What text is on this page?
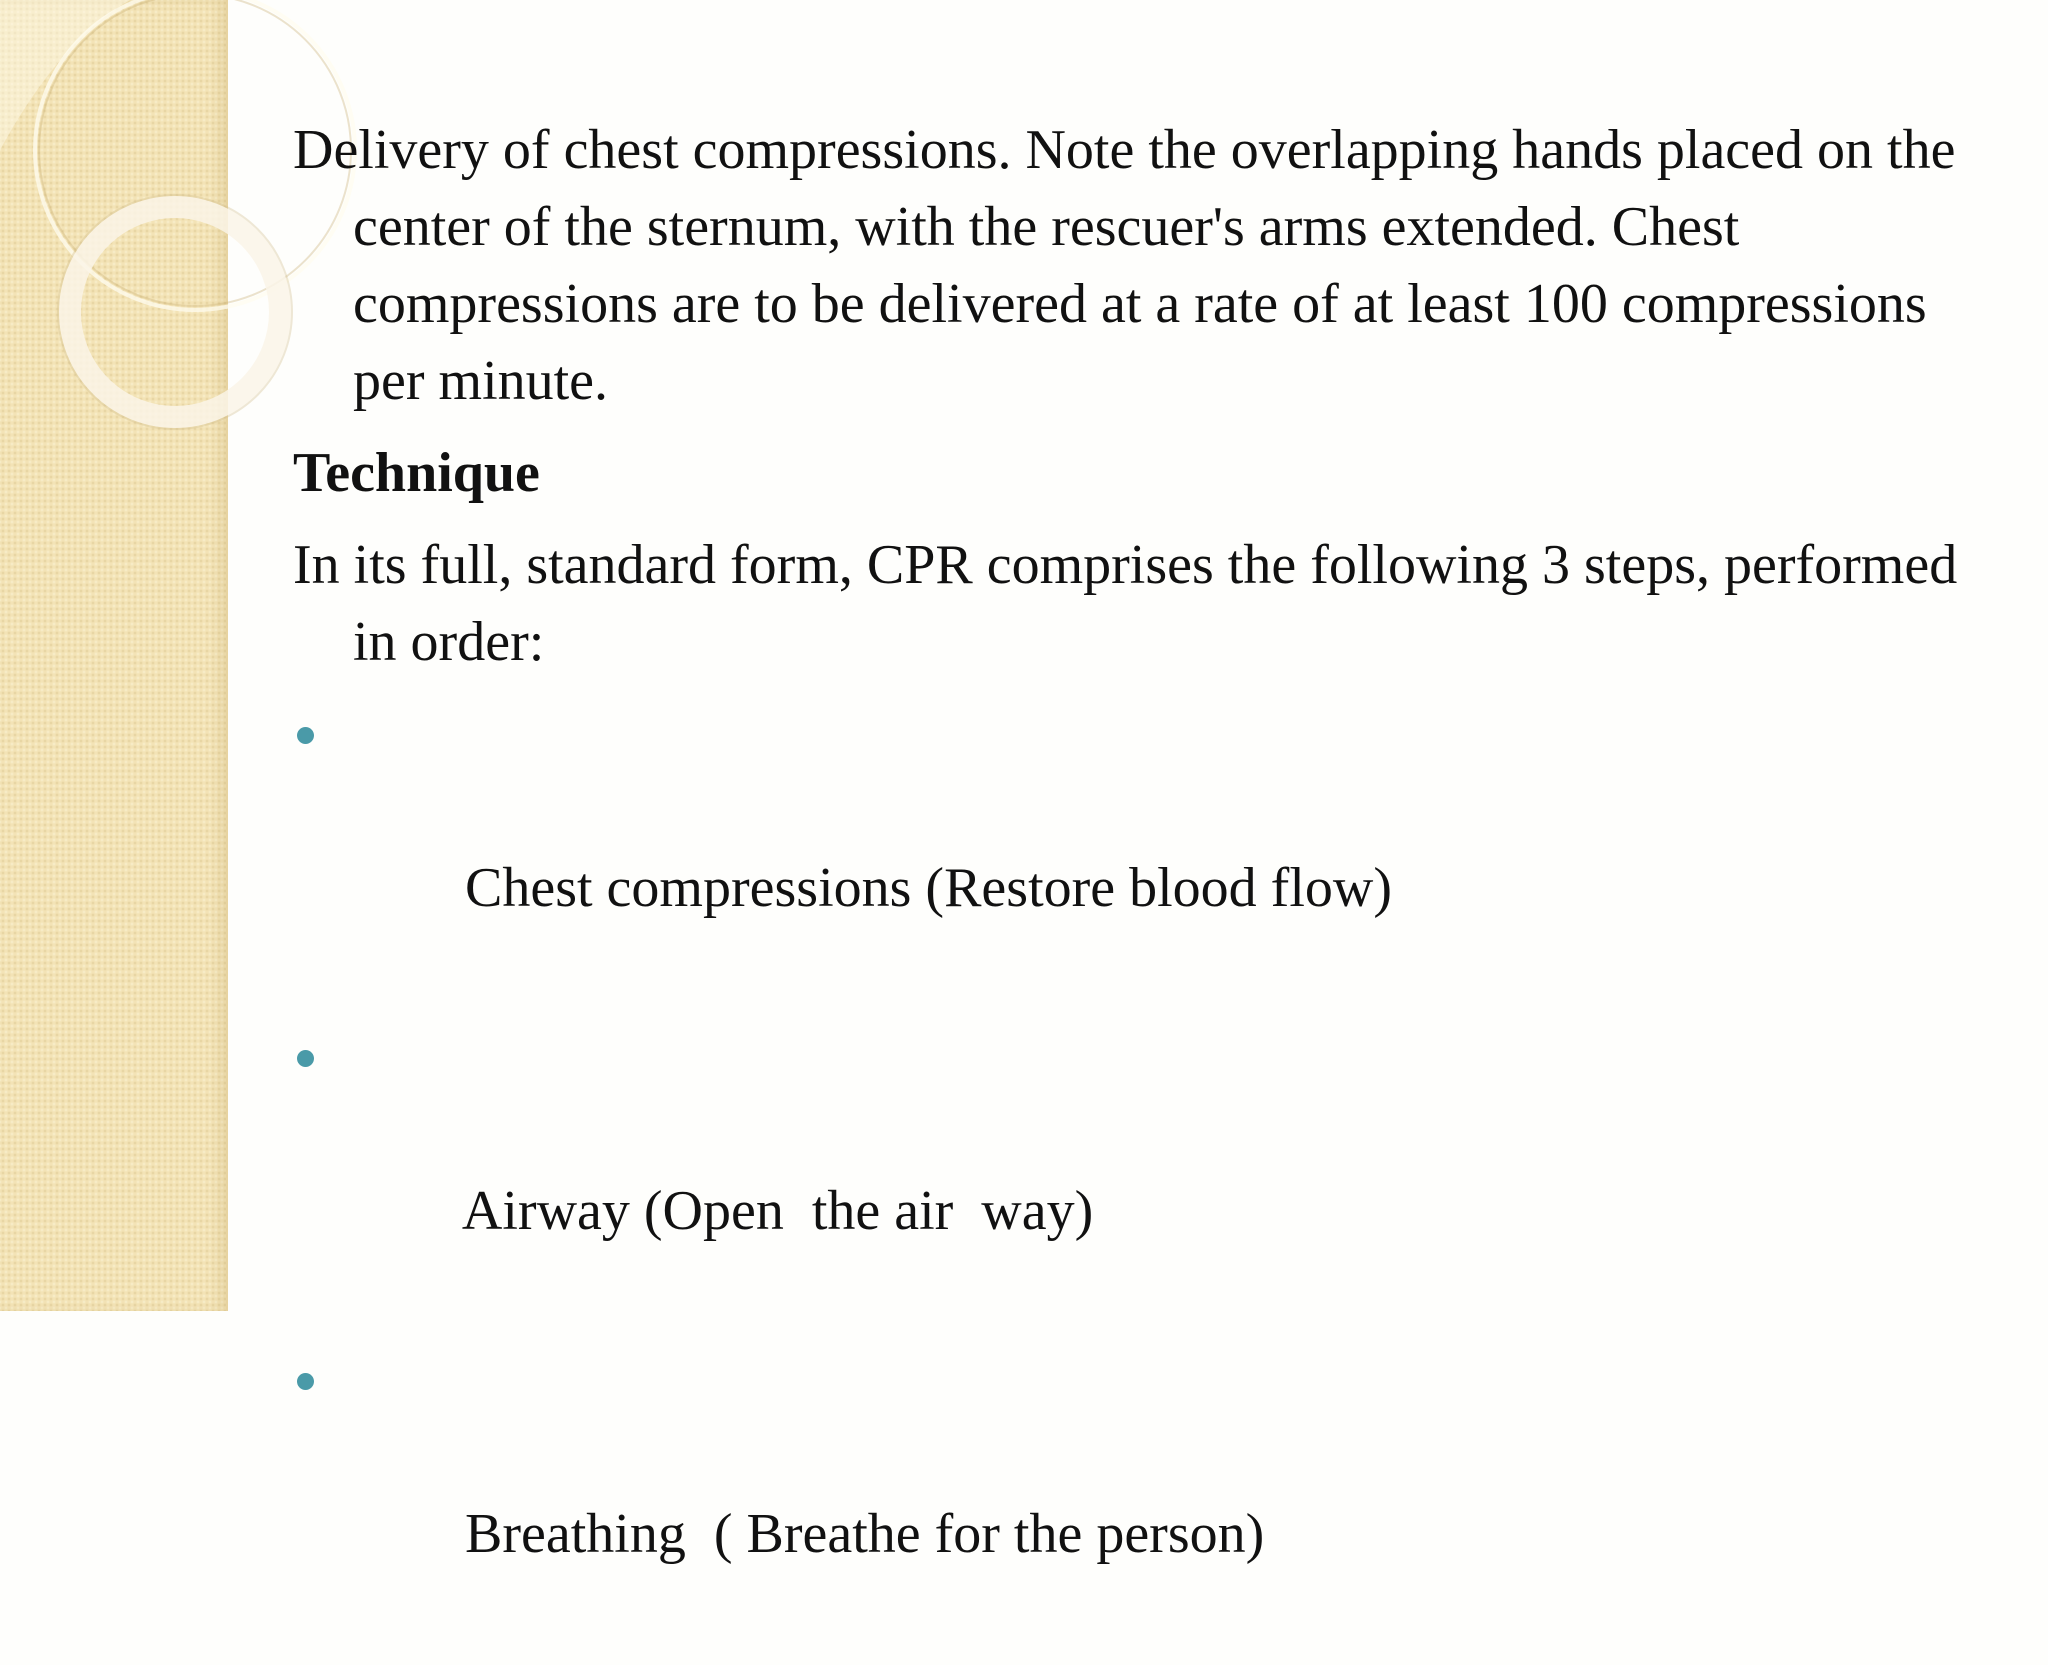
Delivery of chest compressions. Note the overlapping hands placed on the center of the sternum, with the rescuer's arms extended. Chest compressions are to be delivered at a rate of at least 100 compressions per minute.

Technique

In its full, standard form, CPR comprises the following 3 steps, performed in order:

Chest compressions (Restore blood flow)

Airway (Open  the air  way)

Breathing  ( Breathe for the person)
